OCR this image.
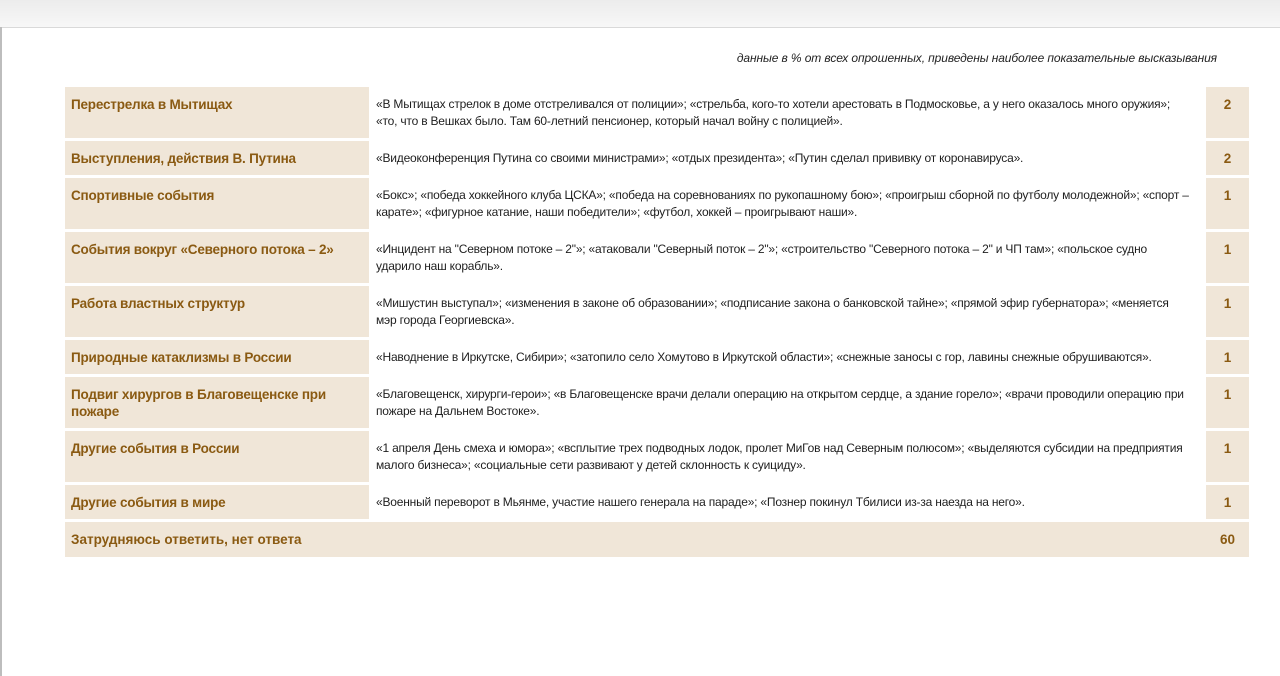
данные в % от всех опрошенных, приведены наиболее показательные высказывания
Перестрелка в Мытищах	«В Мытищах стрелок в доме отстреливался от полиции»; «стрельба, кого-то хотели арестовать в Подмосковье, а у него оказалось много оружия»; «то, что в Вешках было. Там 60-летний пенсионер, который начал войну с полицией».	2
Выступления, действия В. Путина	«Видеоконференция Путина со своими министрами»; «отдых президента»; «Путин сделал прививку от коронавируса».	2
Спортивные события	«Бокс»; «победа хоккейного клуба ЦСКА»; «победа на соревнованиях по рукопашному бою»; «проигрыш сборной по футболу молодежной»; «спорт – карате»; «фигурное катание, наши победители»; «футбол, хоккей – проигрывают наши».	1
События вокруг «Северного потока – 2»	«Инцидент на "Северном потоке – 2"»; «атаковали "Северный поток – 2"»; «строительство "Северного потока – 2" и ЧП там»; «польское судно ударило наш корабль».	1
Работа властных структур	«Мишустин выступал»; «изменения в законе об образовании»; «подписание закона о банковской тайне»; «прямой эфир губернатора»; «меняется мэр города Георгиевска».	1
Природные катаклизмы в России	«Наводнение в Иркутске, Сибири»; «затопило село Хомутово в Иркутской области»; «снежные заносы с гор, лавины снежные обрушиваются».	1
Подвиг хирургов в Благовещенске при пожаре	«Благовещенск, хирурги-герои»; «в Благовещенске врачи делали операцию на открытом сердце, а здание горело»; «врачи проводили операцию при пожаре на Дальнем Востоке».	1
Другие события в России	«1 апреля День смеха и юмора»; «всплытие трех подводных лодок, пролет МиГов над Северным полюсом»; «выделяются субсидии на предприятия малого бизнеса»; «социальные сети развивают у детей склонность к суициду».	1
Другие события в мире	«Военный переворот в Мьянме, участие нашего генерала на параде»; «Познер покинул Тбилиси из-за наезда на него».	1
Затрудняюсь ответить, нет ответа		60
